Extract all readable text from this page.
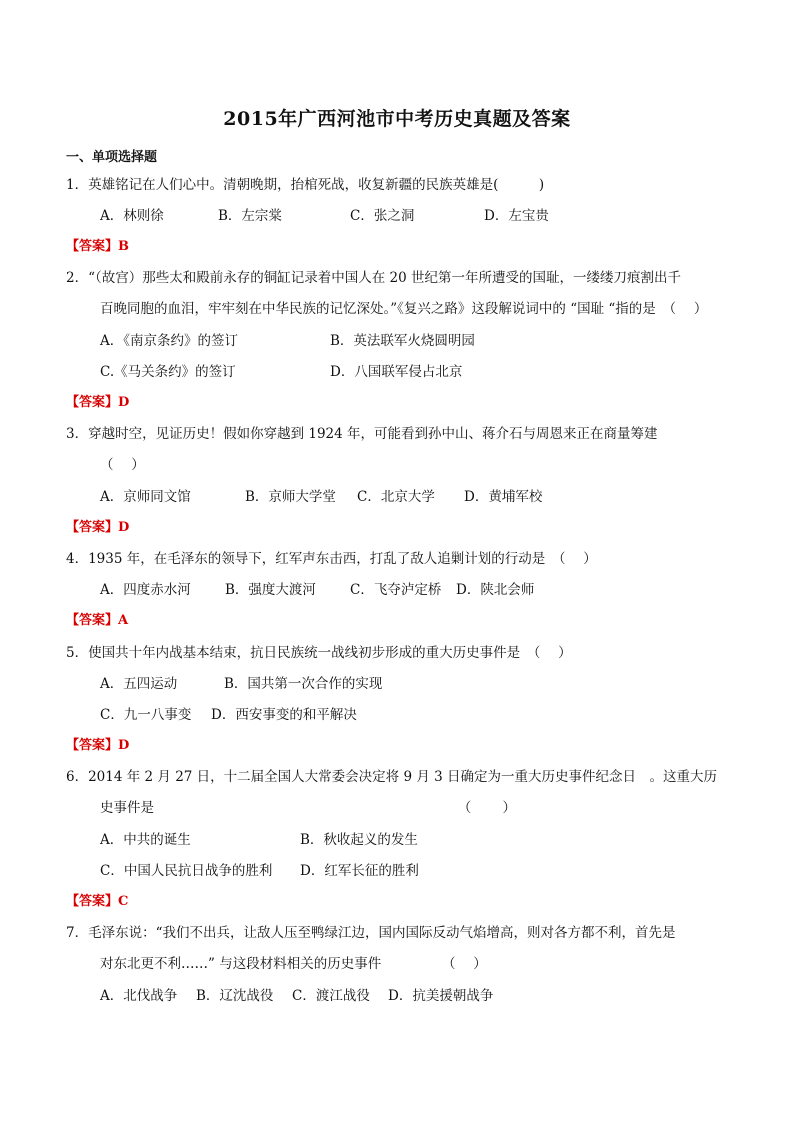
2015年广西河池市中考历史真题及答案
一、单项选择题
1．英雄铭记在人们心中。清朝晚期，抬棺死战，收复新疆的民族英雄是(　　　)
A．林则徐	B．左宗棠	C．张之洞	D．左宝贵
【答案】B
2．“（故宫）那些太和殿前永存的铜缸记录着中国人在 20 世纪第一年所遭受的国耻，一缕缕刀痕割出千
百晚同胞的血泪，牢牢刻在中华民族的记忆深处。”《复兴之路》这段解说词中的 “国耻 “指的是　（　 ）
A．《南京条约》的签订	B．英法联军火烧圆明园
C.《马关条约》的签订	D．八国联军侵占北京
【答案】D
3．穿越时空，见证历史！假如你穿越到 1924 年，可能看到孙中山、蒋介石与周恩来正在商量筹建
（　 ）
A．京师同文馆	B．京师大学堂 C．北京大学 D．黄埔军校
【答案】D
4．1935 年，在毛泽东的领导下，红军声东击西，打乱了敌人追剿计划的行动是　（　 ）
A．四度赤水河	B．强度大渡河	C．飞夺泸定桥 D．陕北会师
【答案】A
5．使国共十年内战基本结束，抗日民族统一战线初步形成的重大历史事件是　（　 ）
A．五四运动	B．国共第一次合作的实现
C．九一八事变 D．西安事变的和平解决
【答案】D
6．2014 年 2 月 27 日，十二届全国人大常委会决定将 9 月 3 日确定为一重大历史事件纪念日　。这重大历
史事件是　　　　　　　　　　　　　　　　　　　　　　　（　　 ）
A．中共的诞生	B．秋收起义的发生
C．中国人民抗日战争的胜利 D．红军长征的胜利
【答案】C
7．毛泽东说：“我们不出兵，让敌人压至鸭绿江边，国内国际反动气焰增高，则对各方都不利，首先是
对东北更不利……” 与这段材料相关的历史事件　　　　　（　 ）
A．北伐战争 B．辽沈战役 C．渡江战役 D．抗美援朝战争
